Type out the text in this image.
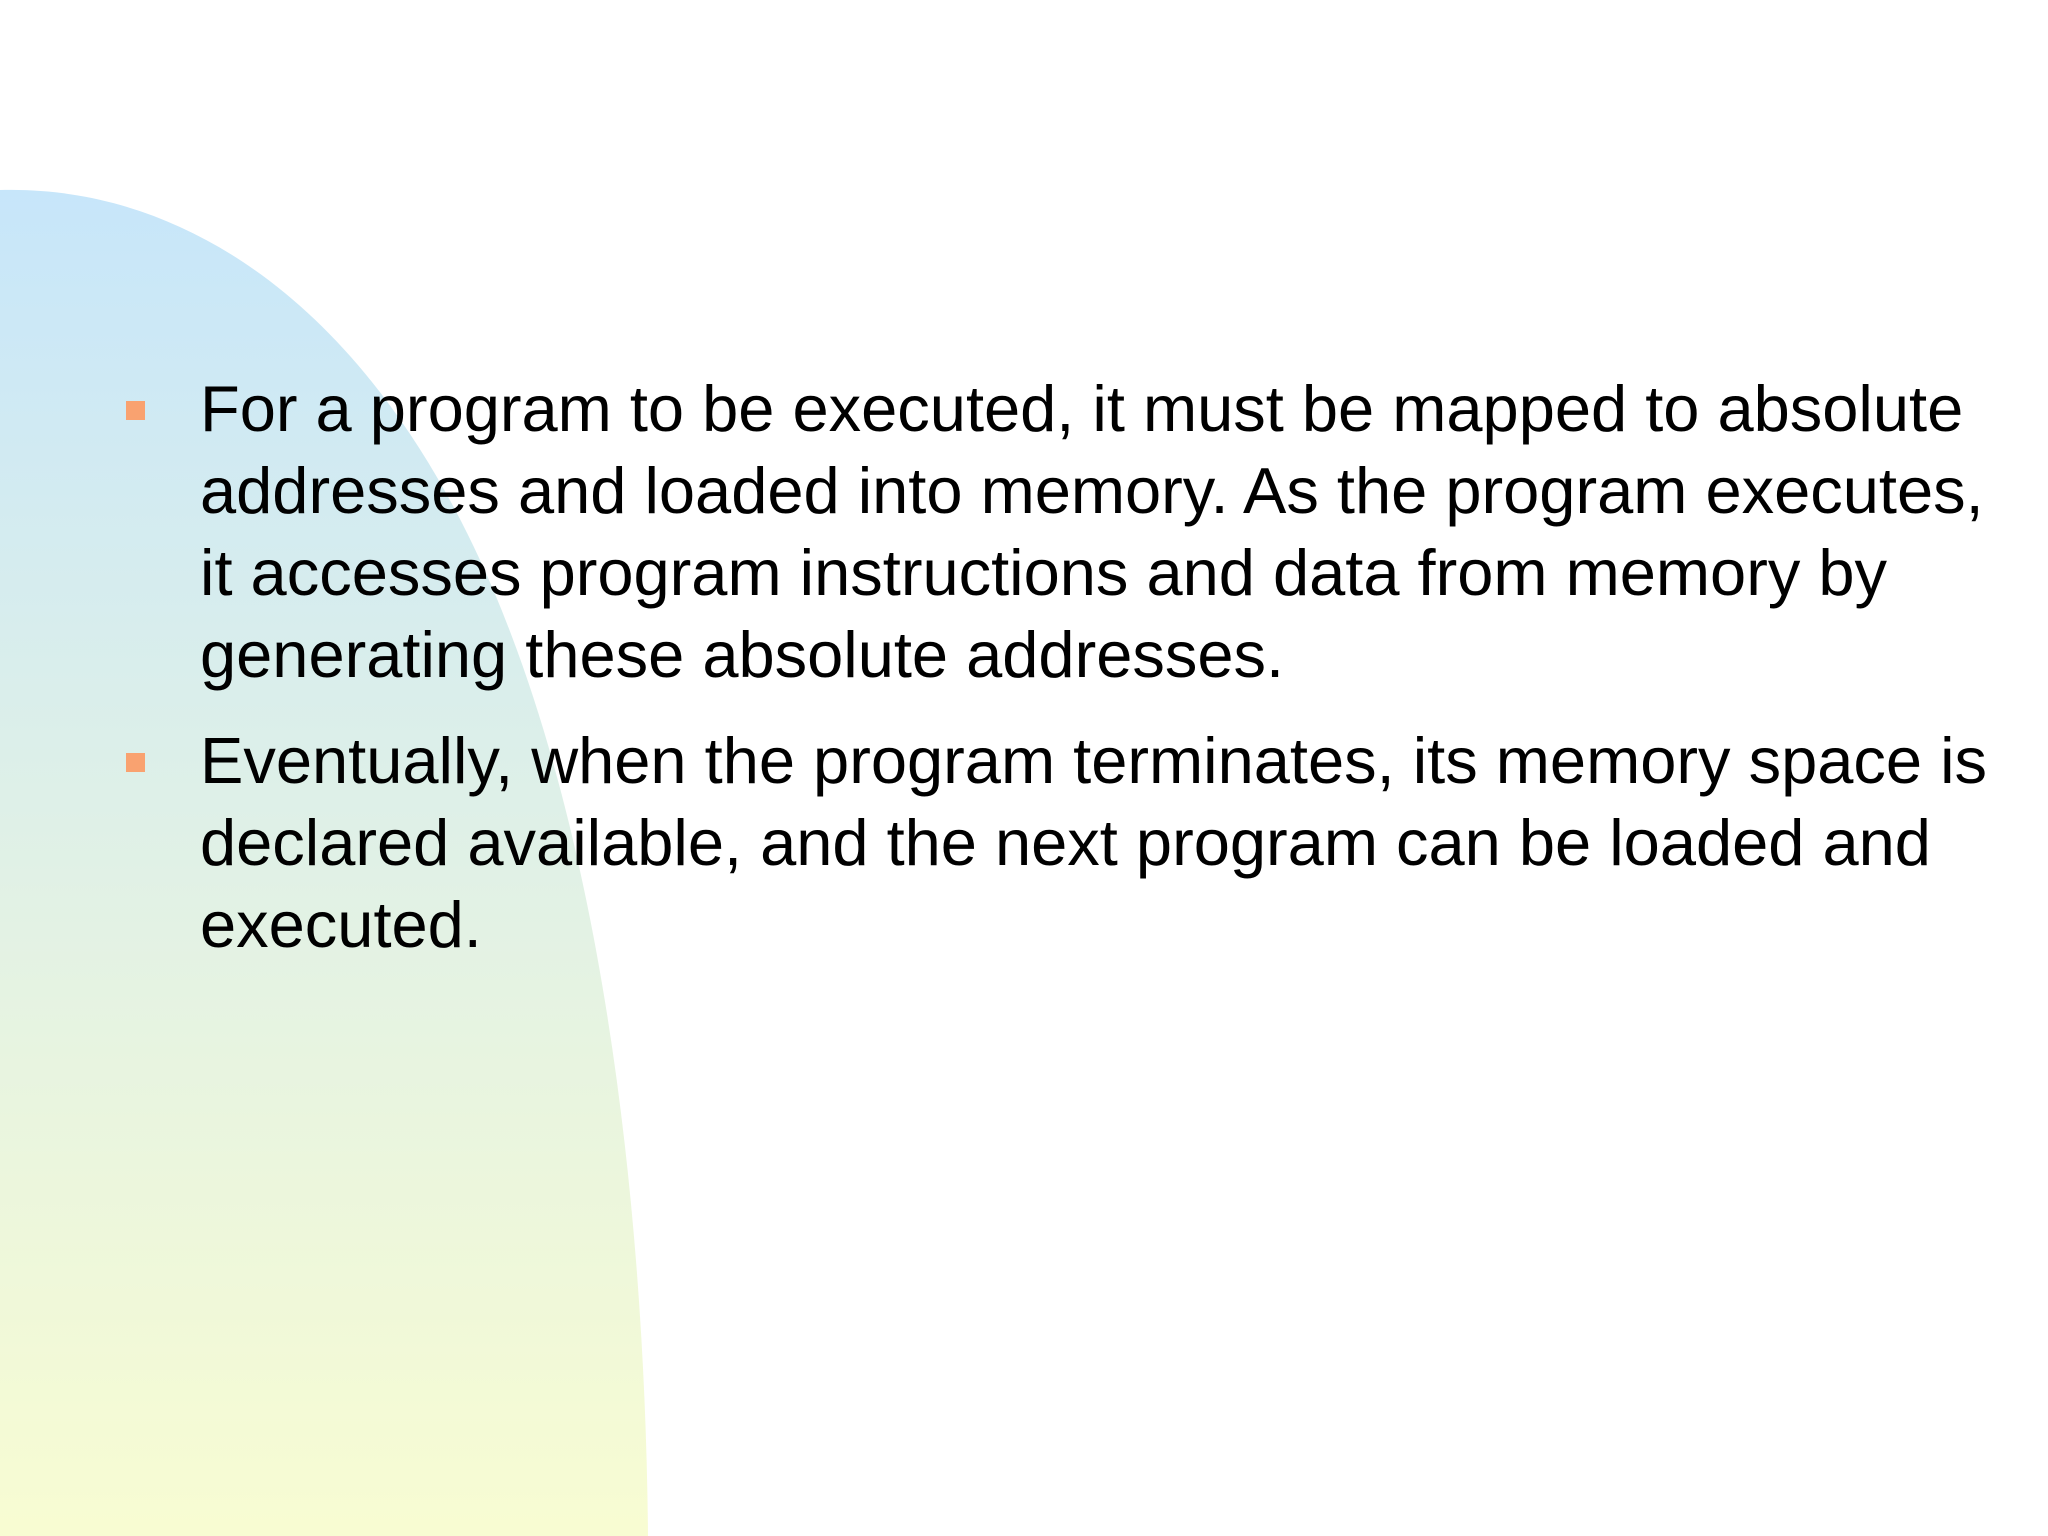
For a program to be executed, it must be mapped to absolute addresses and loaded into memory. As the program executes, it accesses program instructions and data from memory by generating these absolute addresses.
Eventually, when the program terminates, its memory space is declared available, and the next program can be loaded and executed.
